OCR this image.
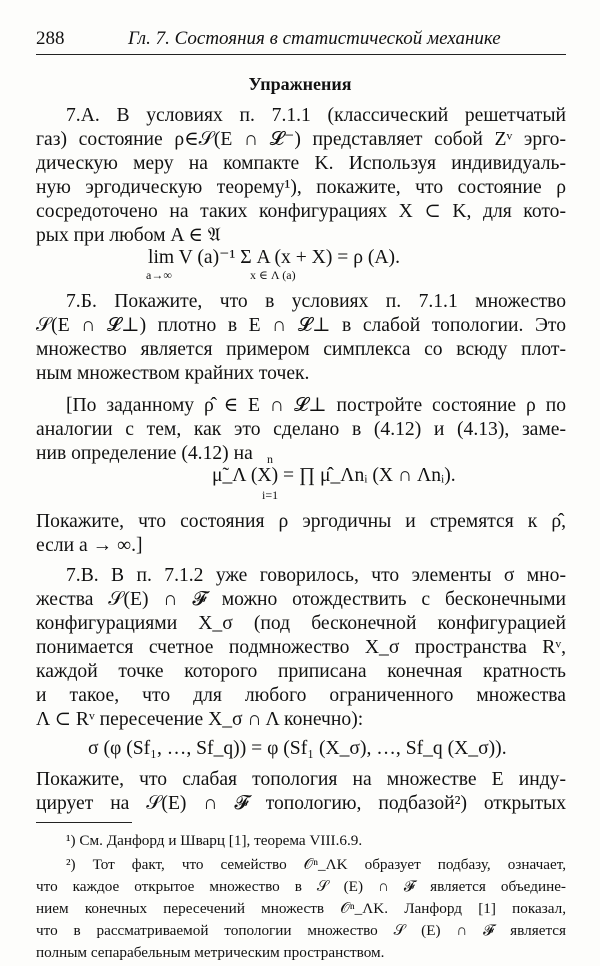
288	Гл. 7. Состояния в статистической механике
Упражнения
7.A. В условиях п. 7.1.1 (классический решетчатый
газ) состояние ρ∈𝒮(E ∩ 𝓛⁻) представляет собой Zᵛ эрго-
дическую меру на компакте K. Используя индивидуаль-
ную эргодическую теорему¹), покажите, что состояние ρ
сосредоточено на таких конфигурациях X ⊂ K, для кото-
рых при любом A ∈ 𝔄
lim V (a)⁻¹ Σ A (x + X) = ρ (A).
a→∞	x ∈ Λ (a)
7.Б. Покажите, что в условиях п. 7.1.1 множество
𝒮(E ∩ 𝓛⊥) плотно в E ∩ 𝓛⊥ в слабой топологии. Это
множество является примером симплекса со всюду плот-
ным множеством крайних точек.
[По заданному ρ̂ ∈ E ∩ 𝓛⊥ постройте состояние ρ по
аналогии с тем, как это сделано в (4.12) и (4.13), заме-
нив определение (4.12) на	n
μ̃_Λ (X) = ∏ μ̂_Λnᵢ (X ∩ Λnᵢ).
i=1
Покажите, что состояния ρ эргодичны и стремятся к ρ̂,
если a → ∞.]
7.B. В п. 7.1.2 уже говорилось, что элементы σ мно-
жества 𝒮(E) ∩ 𝓕 можно отождествить с бесконечными
конфигурациями X_σ (под бесконечной конфигурацией
понимается счетное подмножество X_σ пространства Rᵛ,
каждой точке которого приписана конечная кратность
и такое, что для любого ограниченного множества
Λ ⊂ Rᵛ пересечение X_σ ∩ Λ конечно):
σ (φ (Sf₁, …, Sf_q)) = φ (Sf₁ (X_σ), …, Sf_q (X_σ)).
Покажите, что слабая топология на множестве E инду-
цирует на 𝒮(E) ∩ 𝓕 топологию, подбазой²) открытых
¹) См. Данфорд и Шварц [1], теорема VIII.6.9.
²) Тот факт, что семейство 𝒪ⁿ_ΛK образует подбазу, означает,
что каждое открытое множество в 𝒮 (E) ∩ 𝓕 является объедине-
нием конечных пересечений множеств 𝒪ⁿ_ΛK. Ланфорд [1] показал,
что в рассматриваемой топологии множество 𝒮 (E) ∩ 𝓕 является
полным сепарабельным метрическим пространством.
